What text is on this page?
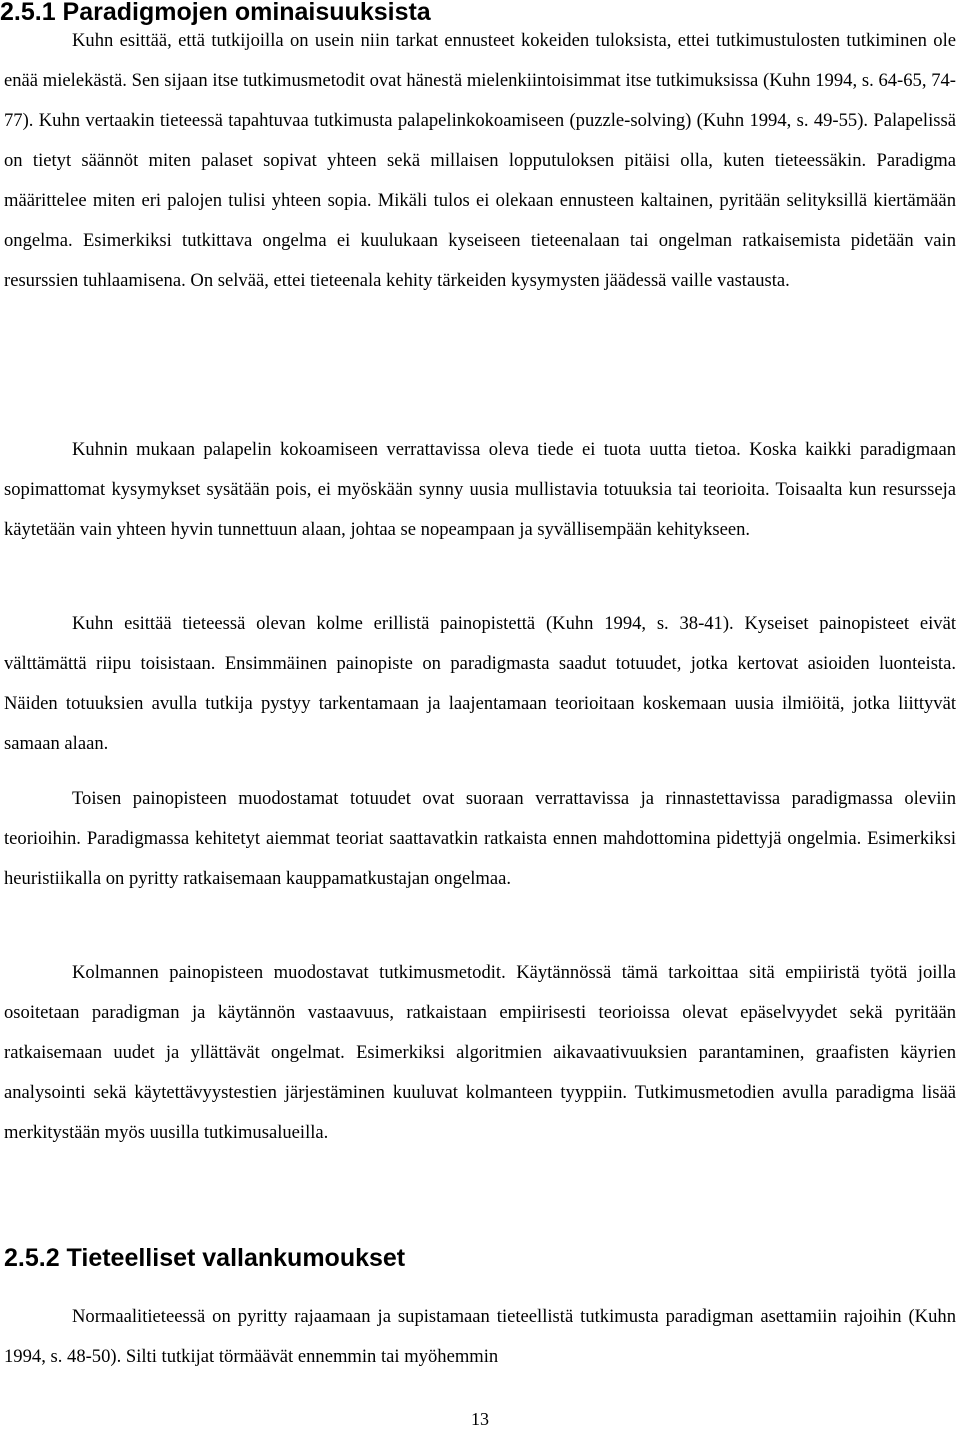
2.5.1 Paradigmojen ominaisuuksista

Kuhn esittää, että tutkijoilla on usein niin tarkat ennusteet kokeiden tuloksista, ettei tutkimustulosten tutkiminen ole enää mielekästä. Sen sijaan itse tutkimusmetodit ovat hänestä mielenkiintoisimmat itse tutkimuksissa (Kuhn 1994, s. 64-65, 74-77). Kuhn vertaakin tieteessä tapahtuvaa tutkimusta palapelinkokoamiseen (puzzle-solving) (Kuhn 1994, s. 49-55). Palapelissä on tietyt säännöt miten palaset sopivat yhteen sekä millaisen lopputuloksen pitäisi olla, kuten tieteessäkin. Paradigma määrittelee miten eri palojen tulisi yhteen sopia. Mikäli tulos ei olekaan ennusteen kaltainen, pyritään selityksillä kiertämään ongelma. Esimerkiksi tutkittava ongelma ei kuulukaan kyseiseen tieteenalaan tai ongelman ratkaisemista pidetään vain resurssien tuhlaamisena. On selvää, ettei tieteenala kehity tärkeiden kysymysten jäädessä vaille vastausta.

Kuhnin mukaan palapelin kokoamiseen verrattavissa oleva tiede ei tuota uutta tietoa. Koska kaikki paradigmaan sopimattomat kysymykset sysätään pois, ei myöskään synny uusia mullistavia totuuksia tai teorioita. Toisaalta kun resursseja käytetään vain yhteen hyvin tunnettuun alaan, johtaa se nopeampaan ja syvällisempään kehitykseen.

Kuhn esittää tieteessä olevan kolme erillistä painopistettä (Kuhn 1994, s. 38-41). Kyseiset painopisteet eivät välttämättä riipu toisistaan. Ensimmäinen painopiste on paradigmasta saadut totuudet, jotka kertovat asioiden luonteista. Näiden totuuksien avulla tutkija pystyy tarkentamaan ja laajentamaan teorioitaan koskemaan uusia ilmiöitä, jotka liittyvät samaan alaan.

Toisen painopisteen muodostamat totuudet ovat suoraan verrattavissa ja rinnastettavissa paradigmassa oleviin teorioihin. Paradigmassa kehitetyt aiemmat teoriat saattavatkin ratkaista ennen mahdottomina pidettyjä ongelmia. Esimerkiksi heuristiikalla on pyritty ratkaisemaan kauppamatkustajan ongelmaa.

Kolmannen painopisteen muodostavat tutkimusmetodit. Käytännössä tämä tarkoittaa sitä empiiristä työtä joilla osoitetaan paradigman ja käytännön vastaavuus, ratkaistaan empiirisesti teorioissa olevat epäselvyydet sekä pyritään ratkaisemaan uudet ja yllättävät ongelmat. Esimerkiksi algoritmien aikavaativuuksien parantaminen, graafisten käyrien analysointi sekä käytettävyystestien järjestäminen kuuluvat kolmanteen tyyppiin. Tutkimusmetodien avulla paradigma lisää merkitystään myös uusilla tutkimusalueilla.

2.5.2 Tieteelliset vallankumoukset

Normaalitieteessä on pyritty rajaamaan ja supistamaan tieteellistä tutkimusta paradigman asettamiin rajoihin (Kuhn 1994, s. 48-50). Silti tutkijat törmäävät ennemmin tai myöhemmin

13
